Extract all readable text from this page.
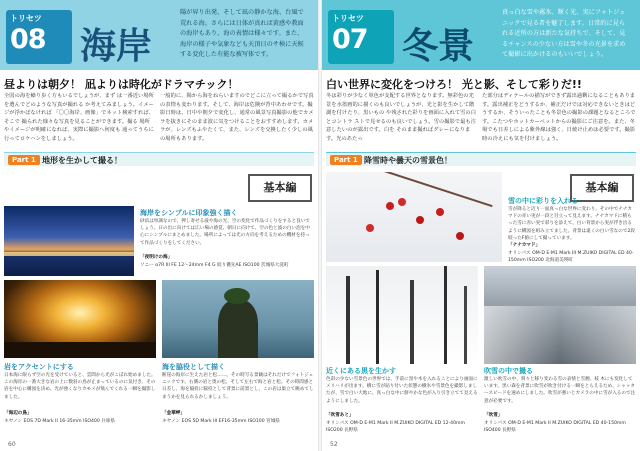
トリセツ
08 海岸
陽が昇り出発、そして凪の静かな海、台風で荒れる海。さらには日体が真れば黄感や教面の海岸もあり、海の表情は様々です。また、海岸の様子や気象なども天頂日のサ検に天候する変化した有能な被写体です。
昼よりは朝夕！ 凪よりは時化がドラマチック！
全国の海を繰り歩く方もいるでしょうが、まず は一番近い場所を選んでどのような写真が撮れる か考えてみましょう。イメージが浮かばなければ 「〇〇海岸、画像」でネット検索すれば、そこで 撮られた様々な写真を見ることができます。撮る 場所やイメージが明確になれば、実際に撮影へ何度も 通ってうちに行ってロケハンをしましょう。
一般的に、陽から海をねらいますのでどこに立って撮るかで写真の表情も変わります。そして、海岸は危険が背中あわせです。撮影日時は、日中や朝夕で変化し、通常の風景写真撮影の他でカメラを抜きにそのまま波に気をつけることをおすすめします。カメラが、レンズもふやたくて、また、レンズを交換したく少しの風の場所もあります。
Part 1 地形を生かして撮る！
基本編
海岸をシンプルに印象強く描く
砂浜は単調なので、押し寄せる波や海の光、空の変化で作品づくりをすると良いでしょう。日の出に向けては広い場の感覚、朝日に向けて、空の色と波の白い泡を中心にシンプルにまとめました。場所によっては光の方向を考えるための機材を持って作品づくりをしてください。
「夜明けの海」
ソニー α7R III FE 12〜24mm F4 G 絞り優先AE ISO100 茨城県大洗町
岩をアクセントにする
日本海に限らず空の光を受けていると、雲間から光がこぼれ始めました。この海岸の一番大きな岩の上に数羽の鳥が止まっているのに気付き、その岩を中心に構図を決め、光が強くなりカモメが飛んでくれる一瞬を撮影しました。
「海辺の鳥」
キヤノン EOS 7D Mark II 16-35mm ISO400 兵庫県
海を脇役として描く
断崖の海岸に生えた岩と松……。その時写る景観はそれだけでフォトジェニックです。右側の岩と奥の松、そして左右で海と岩と松。その時間感と日差し、海を脇役に脇役として背景に前景とし、この岩は巣立て眺めてしまうかを見られるかしましょう。
「金華岬」
キヤノン EOS 5D Mark III EF16-35mm ISO100 宮城県
60
トリセツ
07 冬景
真っ白な雪や霧氷、輝く光、実にフォトジェニックで見る者を魅了します。日常的に見られる近所の方は新たな気持ちで、そして、見るチャンスの少ない方は雪や冬の光景を求めて撮影に出かけるのもいいでしょう。
白い世界に変化をつけろ！ 光と影、そして彩りだ!!
冬は彩りが少なく単色が支配する世界となります。無彩色の光景を水墨画的に描くのも良いでしょうが、光と影を生かして階調を付けたり、黒いもの や残された彩りを画面に入れて雪の白とコントラ ストで見せるのも良いでしょう。雪の撮影で最も注意したいのが露出です。白を そのまま撮ればグレーになります。光のあたっ
た部分はディテールの描写ができず露出過剰になることもあります。露出補正をどうするか、補正だけでは対応できないときはどうするか、そういったことも冬景色の撮影の課題となるところです。こたつやホットカーペットからの撮影にご注意を。また、冬場でも日差しによる紫外線は強く、日焼け止めは必要です。撮影時の冷えにも気を付けましょう。
Part 1 降雪時や曇天の雪景色！
基本編
雪の中に彩りを入れる
雪が降ると辺り一面真っ白な世界に変わり、その中でナナカマドの赤い実が一段と目立って見えます。ナナカマドに積もった雪に赤い実で彩りを添えて、白い背景から実が浮き出るように構図を組み立てました。背景は遠くの白い雪なので2段絞ったF値にして撮っています。
「ナナカマド」
オリンパス OM-D E-M1 Mark III M.ZUIKO DIGITAL ED 40-150mm ISO200 北海道美瑛町
近くにある黒を生かす
色彩の少ない雪景色の世界では、手前に黒や木を入れることにより画面にメリハリが出ます。樹に雪が貼り付いた状態の樹氷や雪景色を撮影しましたが、雪で白い大地に、真っ白な中に鮮やかな色が入り引き立てて見えるようにしました。
「吹雪あと」
オリンパス OM-D E-M1 Mark II M.ZUIKO DIGITAL ED 12-40mm ISO200 長野県
吹雪の中で撮る
激しい吹雪の中、刻々と移り変わる雪の表情と雪煙、枝 木にも変化しています。黒い森を背景に吹雪が吹き付ける一瞬をとらえるため、シャッタースピードを速めにしました。吹雪が強いとカメラの中に雪が入るので注意が必要です。
「吹雪」
オリンパス OM-D E-M1 Mark II M.ZUIKO DIGITAL ED 40-150mm ISO400 長野県
52
